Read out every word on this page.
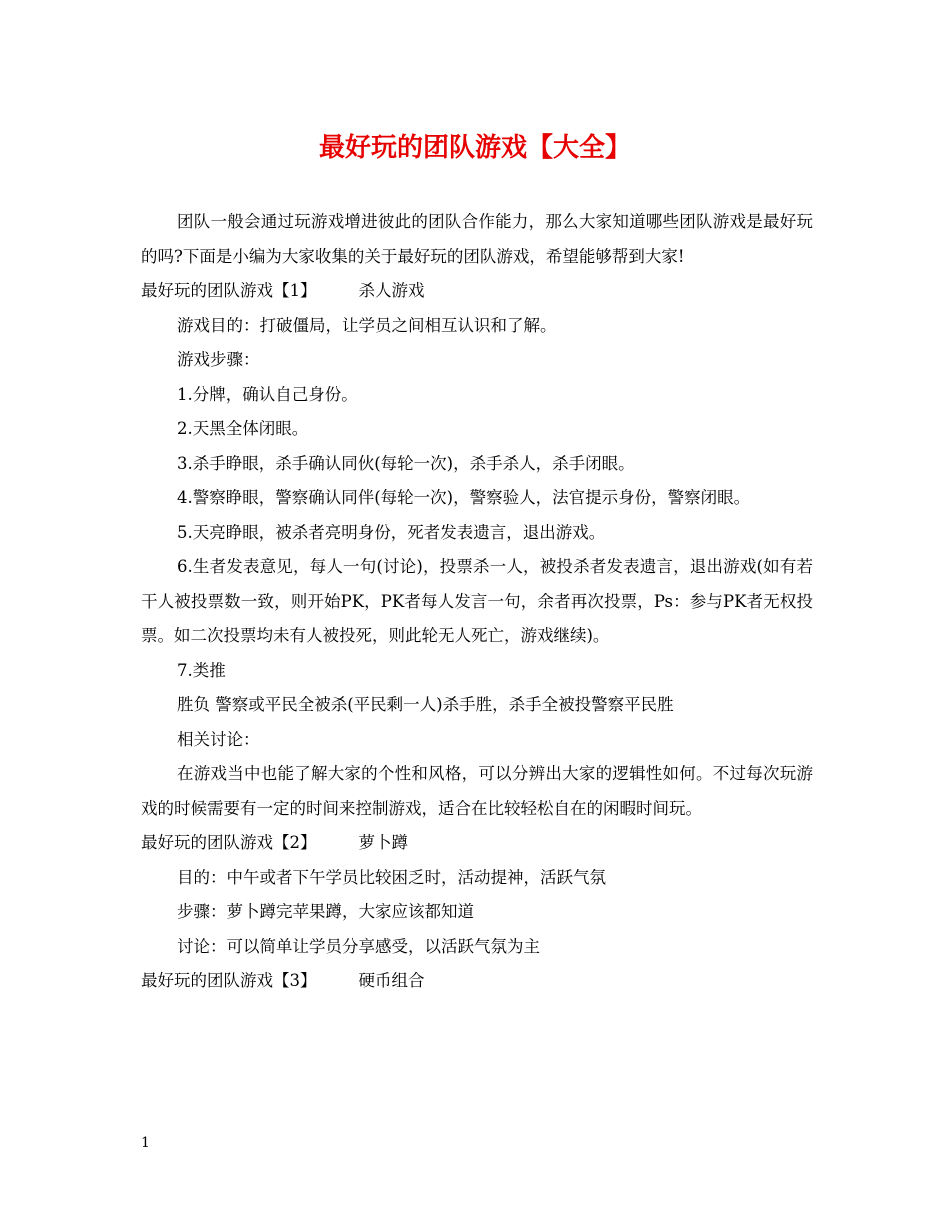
最好玩的团队游戏【大全】

团队一般会通过玩游戏增进彼此的团队合作能力，那么大家知道哪些团队游戏是最好玩的吗?下面是小编为大家收集的关于最好玩的团队游戏，希望能够帮到大家!

最好玩的团队游戏【1】        杀人游戏

游戏目的：打破僵局，让学员之间相互认识和了解。

游戏步骤：

1.分牌，确认自己身份。

2.天黑全体闭眼。

3.杀手睁眼，杀手确认同伙(每轮一次)，杀手杀人，杀手闭眼。

4.警察睁眼，警察确认同伴(每轮一次)，警察验人，法官提示身份，警察闭眼。

5.天亮睁眼，被杀者亮明身份，死者发表遗言，退出游戏。

6.生者发表意见，每人一句(讨论)，投票杀一人，被投杀者发表遗言，退出游戏(如有若干人被投票数一致，则开始PK，PK者每人发言一句，余者再次投票，Ps：参与PK者无权投票。如二次投票均未有人被投死，则此轮无人死亡，游戏继续)。

7.类推

胜负 警察或平民全被杀(平民剩一人)杀手胜，杀手全被投警察平民胜

相关讨论：

在游戏当中也能了解大家的个性和风格，可以分辨出大家的逻辑性如何。不过每次玩游戏的时候需要有一定的时间来控制游戏，适合在比较轻松自在的闲暇时间玩。

最好玩的团队游戏【2】        萝卜蹲

目的：中午或者下午学员比较困乏时，活动提神，活跃气氛

步骤：萝卜蹲完苹果蹲，大家应该都知道

讨论：可以简单让学员分享感受，以活跃气氛为主

最好玩的团队游戏【3】        硬币组合

1
